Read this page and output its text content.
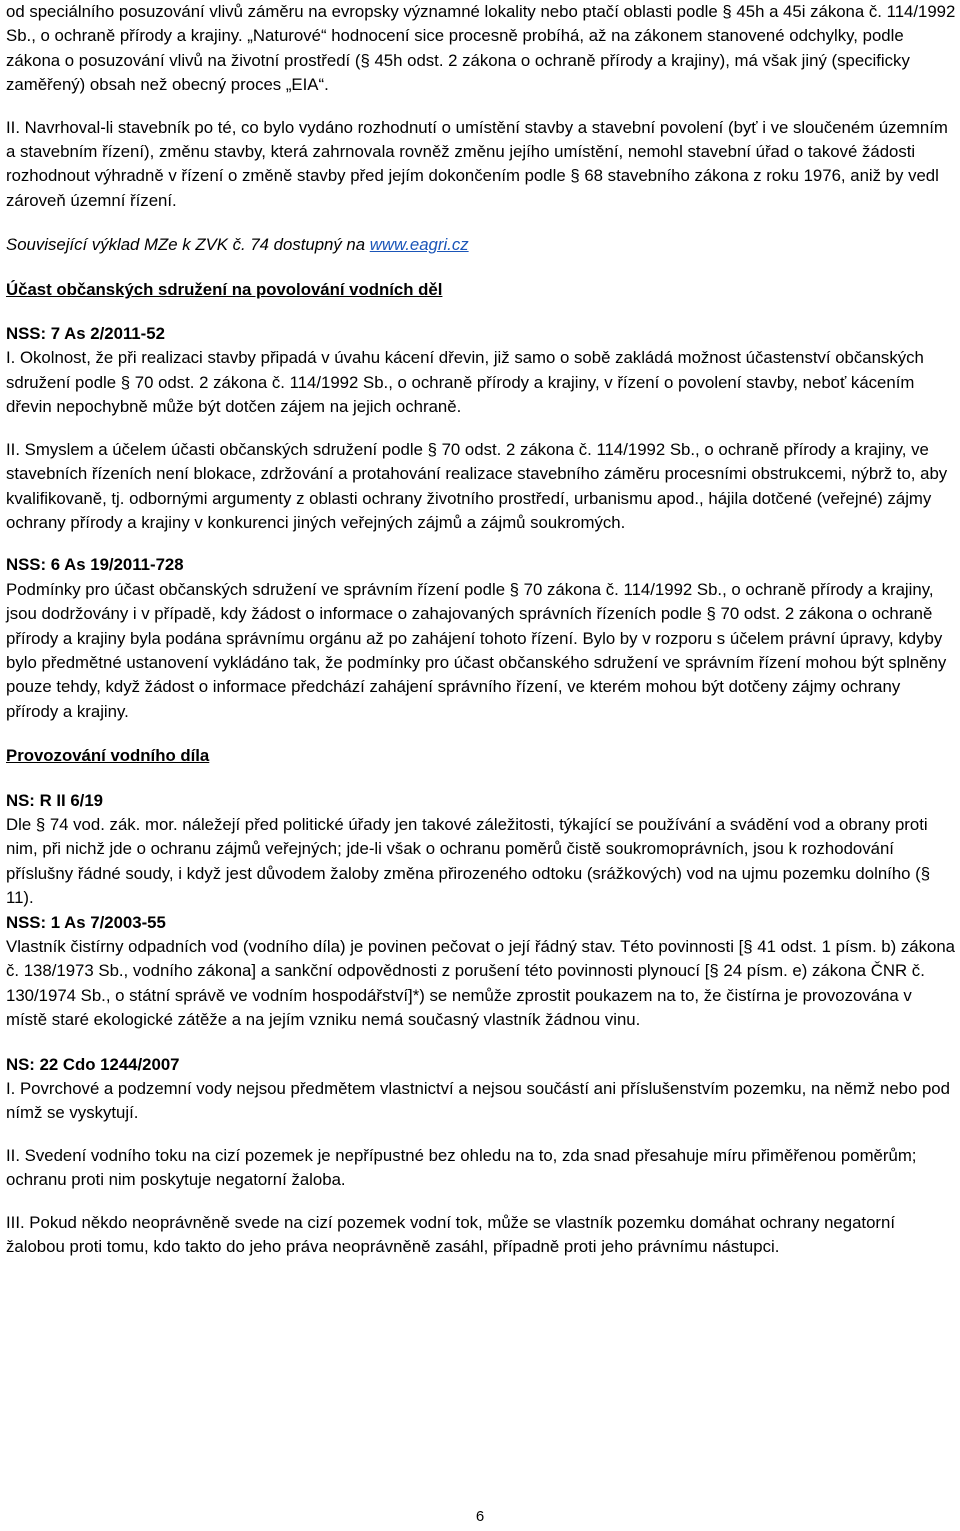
od speciálního posuzování vlivů záměru na evropsky významné lokality nebo ptačí oblasti podle § 45h a 45i zákona č. 114/1992 Sb., o ochraně přírody a krajiny. „Naturové“ hodnocení sice procesně probíhá, až na zákonem stanovené odchylky, podle zákona o posuzování vlivů na životní prostředí (§ 45h odst. 2 zákona o ochraně přírody a krajiny), má však jiný (specificky zaměřený) obsah než obecný proces „EIA“.

II. Navrhoval-li stavebník po té, co bylo vydáno rozhodnutí o umístění stavby a stavební povolení (byť i ve sloučeném územním a stavebním řízení), změnu stavby, která zahrnovala rovněž změnu jejího umístění, nemohl stavební úřad o takové žádosti rozhodnout výhradně v řízení o změně stavby před jejím dokončením podle § 68 stavebního zákona z roku 1976, aniž by vedl zároveň územní řízení.

Související výklad MZe k ZVK č. 74 dostupný na www.eagri.cz

Účast občanských sdružení na povolování vodních děl

NSS: 7 As 2/2011-52

I. Okolnost, že při realizaci stavby připadá v úvahu kácení dřevin, již samo o sobě zakládá možnost účastenství občanských sdružení podle § 70 odst. 2 zákona č. 114/1992 Sb., o ochraně přírody a krajiny, v řízení o povolení stavby, neboť kácením dřevin nepochybně může být dotčen zájem na jejich ochraně.

II. Smyslem a účelem účasti občanských sdružení podle § 70 odst. 2 zákona č. 114/1992 Sb., o ochraně přírody a krajiny, ve stavebních řízeních není blokace, zdržování a protahování realizace stavebního záměru procesními obstrukcemi, nýbrž to, aby kvalifikovaně, tj. odbornými argumenty z oblasti ochrany životního prostředí, urbanismu apod., hájila dotčené (veřejné) zájmy ochrany přírody a krajiny v konkurenci jiných veřejných zájmů a zájmů soukromých.

NSS: 6 As 19/2011-728

Podmínky pro účast občanských sdružení ve správním řízení podle § 70 zákona č. 114/1992 Sb., o ochraně přírody a krajiny, jsou dodržovány i v případě, kdy žádost o informace o zahajovaných správních řízeních podle § 70 odst. 2 zákona o ochraně přírody a krajiny byla podána správnímu orgánu až po zahájení tohoto řízení. Bylo by v rozporu s účelem právní úpravy, kdyby bylo předmětné ustanovení vykládáno tak, že podmínky pro účast občanského sdružení ve správním řízení mohou být splněny pouze tehdy, když žádost o informace předchází zahájení správního řízení, ve kterém mohou být dotčeny zájmy ochrany přírody a krajiny.

Provozování vodního díla

NS: R II 6/19

Dle § 74 vod. zák. mor. náležejí před politické úřady jen takové záležitosti, týkající se používání a svádění vod a obrany proti nim, při nichž jde o ochranu zájmů veřejných; jde-li však o ochranu poměrů čistě soukromoprávních, jsou k rozhodování příslušny řádné soudy, i když jest důvodem žaloby změna přirozeného odtoku (srážkových) vod na ujmu pozemku dolního (§ 11).

NSS: 1 As 7/2003-55

Vlastník čistírny odpadních vod (vodního díla) je povinen pečovat o její řádný stav. Této povinnosti [§ 41 odst. 1 písm. b) zákona č. 138/1973 Sb., vodního zákona] a sankční odpovědnosti z porušení této povinnosti plynoucí [§ 24 písm. e) zákona ČNR č. 130/1974 Sb., o státní správě ve vodním hospodářství]*) se nemůže zprostit poukazem na to, že čistírna je provozována v místě staré ekologické zátěže a na jejím vzniku nemá současný vlastník žádnou vinu.

NS: 22 Cdo 1244/2007

I. Povrchové a podzemní vody nejsou předmětem vlastnictví a nejsou součástí ani příslušenstvím pozemku, na němž nebo pod nímž se vyskytují.

II. Svedení vodního toku na cizí pozemek je nepřípustné bez ohledu na to, zda snad přesahuje míru přiměřenou poměrům; ochranu proti nim poskytuje negatorní žaloba.

III. Pokud někdo neoprávněně svede na cizí pozemek vodní tok, může se vlastník pozemku domáhat ochrany negatorní žalobou proti tomu, kdo takto do jeho práva neoprávněně zasáhl, případně proti jeho právnímu nástupci.

6
